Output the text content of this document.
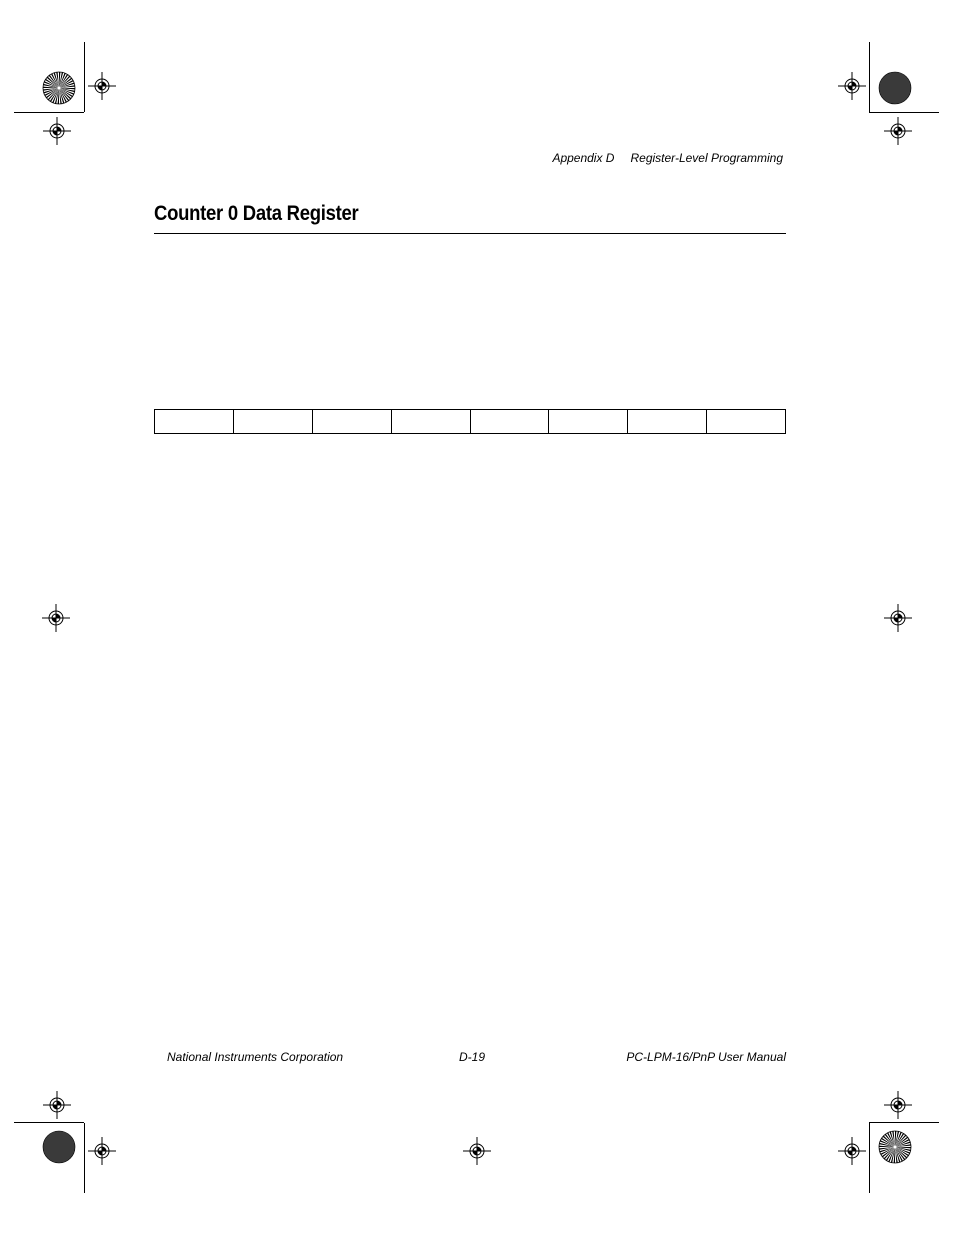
Appendix D Register-Level Programming
Counter 0 Data Register

National Instruments Corporation	D-19	PC-LPM-16/PnP User Manual
